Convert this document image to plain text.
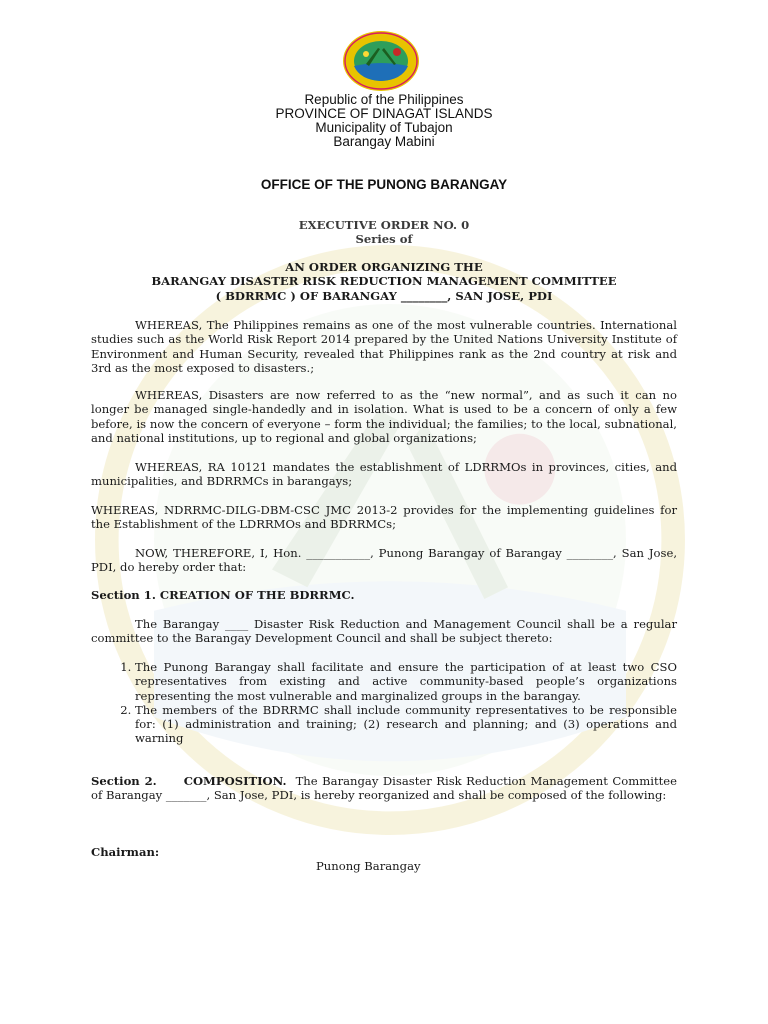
Republic of the Philippines
PROVINCE OF DINAGAT ISLANDS
Municipality of Tubajon
Barangay Mabini
OFFICE OF THE PUNONG BARANGAY
EXECUTIVE ORDER NO. 0
Series of
AN ORDER ORGANIZING THE
BARANGAY DISASTER RISK REDUCTION MANAGEMENT COMMITTEE
( BDRRMC ) OF BARANGAY ________, SAN JOSE, PDI

WHEREAS, The Philippines remains as one of the most vulnerable countries. International studies such as the World Risk Report 2014 prepared by the United Nations University Institute of Environment and Human Security, revealed that Philippines rank as the 2nd country at risk and 3rd as the most exposed to disasters.;

WHEREAS, Disasters are now referred to as the “new normal”, and as such it can no longer be managed single-handedly and in isolation. What is used to be a concern of only a few before, is now the concern of everyone – form the individual; the families; to the local, subnational, and national institutions, up to regional and global organizations;

WHEREAS, RA 10121 mandates the establishment of LDRRMOs in provinces, cities, and municipalities, and BDRRMCs in barangays;

WHEREAS, NDRRMC-DILG-DBM-CSC JMC 2013-2 provides for the implementing guidelines for the Establishment of the LDRRMOs and BDRRMCs;

NOW, THEREFORE, I, Hon. ___________, Punong Barangay of Barangay ________, San Jose, PDI, do hereby order that:

Section 1. CREATION OF THE BDRRMC.

The Barangay ____ Disaster Risk Reduction and Management Council shall be a regular committee to the Barangay Development Council and shall be subject thereto:

1. The Punong Barangay shall facilitate and ensure the participation of at least two CSO representatives from existing and active community-based people’s organizations representing the most vulnerable and marginalized groups in the barangay.
2. The members of the BDRRMC shall include community representatives to be responsible for: (1) administration and training; (2) research and planning; and (3) operations and warning
Section 2. COMPOSITION. The Barangay Disaster Risk Reduction Management Committee of Barangay _______, San Jose, PDI, is hereby reorganized and shall be composed of the following:
Chairman:
Punong Barangay
